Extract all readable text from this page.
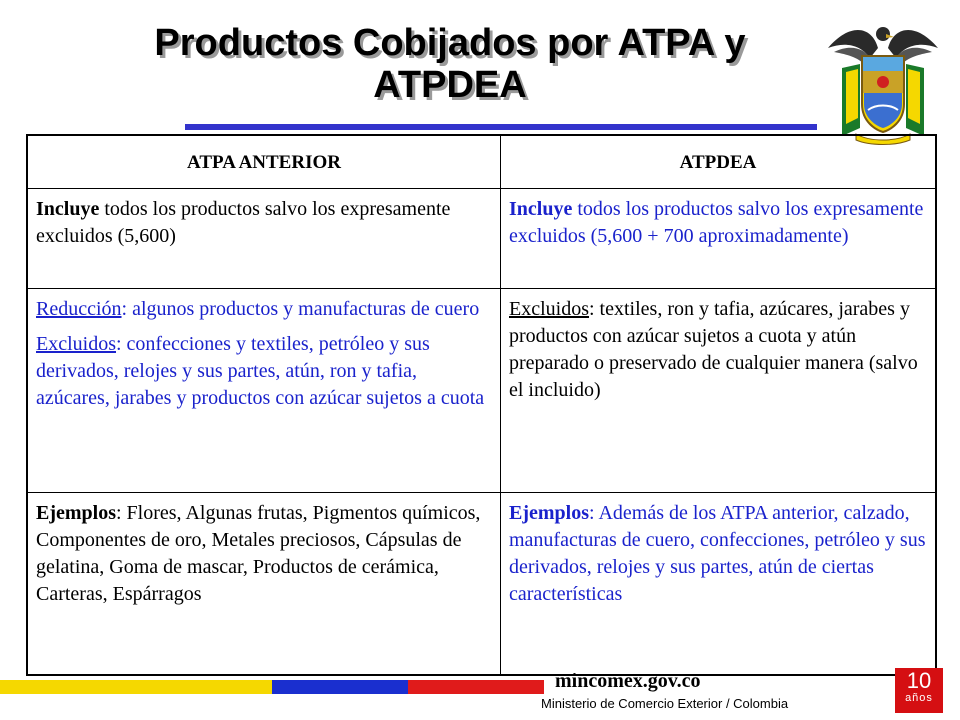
Productos Cobijados por ATPA y
ATPDEA
ATPA ANTERIOR	ATPDEA
Incluye todos los productos salvo los expresamente excluidos (5,600)	Incluye todos los productos salvo los expresamente excluidos (5,600 + 700 aproximadamente)

Reducción: algunos productos y manufacturas de cuero

Excluidos: confecciones y textiles, petróleo y sus derivados, relojes y sus partes, atún, ron y tafia, azúcares, jarabes y productos con azúcar sujetos a cuota	Excluidos: textiles, ron y tafia, azúcares, jarabes y productos con azúcar sujetos a cuota y atún preparado o preservado de cualquier manera (salvo el incluido)
Ejemplos: Flores, Algunas frutas, Pigmentos químicos, Componentes de oro, Metales preciosos, Cápsulas de gelatina, Goma de mascar, Productos de cerámica, Carteras, Espárragos	Ejemplos: Además de los ATPA anterior, calzado, manufacturas de cuero, confecciones, petróleo y sus derivados, relojes y sus partes, atún de ciertas características
mincomex.gov.co
Ministerio de Comercio Exterior / Colombia
10
años
